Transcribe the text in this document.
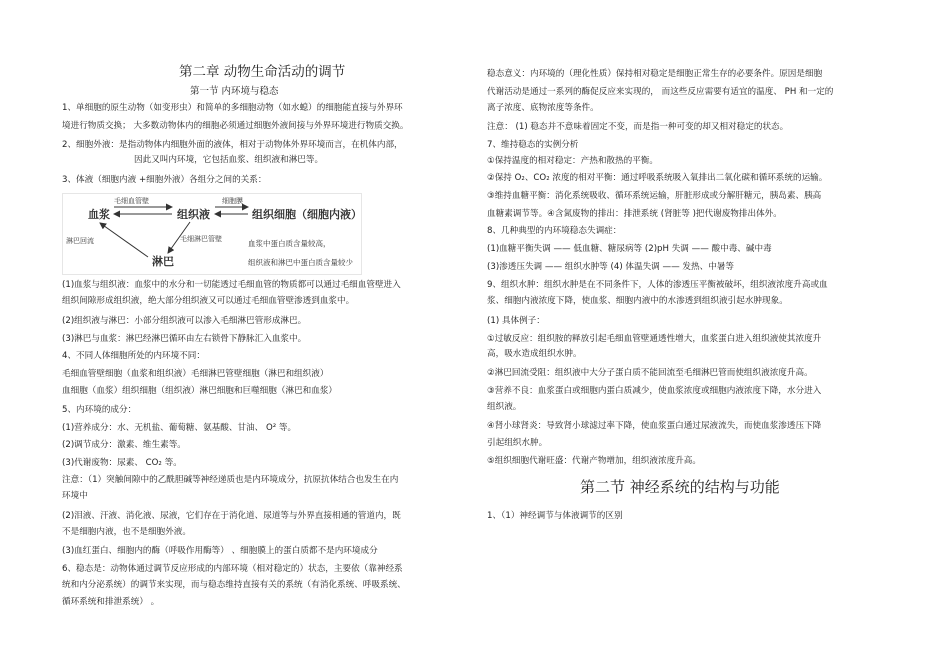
第二章 动物生命活动的调节
第一节 内环境与稳态
1、单细胞的原生动物（如变形虫）和简单的多细胞动物（如水螅）的细胞能直接与外界环
境进行物质交换； 大多数动物体内的细胞必须通过细胞外液间接与外界环境进行物质交换。
2、细胞外液：是指动物体内细胞外面的液体，相对于动物体外界环境而言，在机体内部，
因此又叫内环境，它包括血浆、组织液和淋巴等。
3、体液（细胞内液 +细胞外液）各组分之间的关系：
血浆	组织液	组织细胞（细胞内液）
淋巴
毛细血管壁	细胞膜
淋巴回流	毛细淋巴管壁	血浆中蛋白质含量较高，
组织液和淋巴中蛋白质含量较少
(1)血浆与组织液：血浆中的水分和一切能透过毛细血管的物质都可以通过毛细血管壁进入
组织间隙形成组织液，绝大部分组织液又可以通过毛细血管壁渗透到血浆中。
(2)组织液与淋巴：小部分组织液可以渗入毛细淋巴管形成淋巴。
(3)淋巴与血浆：淋巴经淋巴循环由左右锁骨下静脉汇入血浆中。
4、不同人体细胞所处的内环境不同：
毛细血管壁细胞（血浆和组织液）毛细淋巴管壁细胞（淋巴和组织液）
血细胞（血浆）组织细胞（组织液）淋巴细胞和巨噬细胞（淋巴和血浆）
5、内环境的成分：
(1)营养成分：水、无机盐、葡萄糖、氨基酸、甘油、 O² 等。
(2)调节成分：激素、维生素等。
(3)代谢废物：尿素、 CO₂ 等。
注意：（1）突触间隙中的乙酰胆碱等神经递质也是内环境成分，抗原抗体结合也发生在内
环境中
(2)泪液、汗液、消化液、尿液，它们存在于消化道、尿道等与外界直接相通的管道内，既
不是细胞内液，也不是细胞外液。
(3)血红蛋白、细胞内的酶（呼吸作用酶等） 、细胞膜上的蛋白质都不是内环境成分
6、稳态是：动物体通过调节反应形成的内部环境（相对稳定的）状态，主要依（靠神经系
统和内分泌系统）的调节来实现，而与稳态维持直接有关的系统（有消化系统、呼吸系统、
循环系统和排泄系统） 。
稳态意义：内环境的（理化性质）保持相对稳定是细胞正常生存的必要条件。原因是细胞
代谢活动是通过一系列的酶促反应来实现的， 而这些反应需要有适宜的温度、 PH 和一定的
离子浓度、底物浓度等条件。
注意： (1) 稳态并不意味着固定不变，而是指一种可变的却又相对稳定的状态。
7、维持稳态的实例分析
①保持温度的相对稳定：产热和散热的平衡。
②保持 O₂、CO₂ 浓度的相对平衡：通过呼吸系统吸入氧排出二氧化碳和循环系统的运输。
③维持血糖平衡：消化系统吸收、循环系统运输，肝脏形成或分解肝糖元，胰岛素、胰高
血糖素调节等。④含氮废物的排出：排泄系统 (肾脏等 )把代谢废物排出体外。
8、几种典型的内环境稳态失调症：
(1)血糖平衡失调 —— 低血糖、糖尿病等 (2)pH 失调 —— 酸中毒、碱中毒
(3)渗透压失调 —— 组织水肿等 (4) 体温失调 —— 发热、中暑等
9、组织水肿：组织水肿是在不同条件下，人体的渗透压平衡被破坏，组织液浓度升高或血
浆、细胞内液浓度下降，使血浆、细胞内液中的水渗透到组织液引起水肿现象。
(1) 具体例子：
①过敏反应：组织胺的释放引起毛细血管壁通透性增大，血浆蛋白进入组织液使其浓度升
高，吸水造成组织水肿。
②淋巴回流受阻：组织液中大分子蛋白质不能回流至毛细淋巴管而使组织液浓度升高。
③营养不良：血浆蛋白或细胞内蛋白质减少，使血浆浓度或细胞内液浓度下降，水分进入
组织液。
④肾小球肾炎：导致肾小球滤过率下降，使血浆蛋白通过尿液流失，而使血浆渗透压下降
引起组织水肿。
⑤组织细胞代谢旺盛：代谢产物增加，组织液浓度升高。
第二节 神经系统的结构与功能
1、（1）神经调节与体液调节的区别
